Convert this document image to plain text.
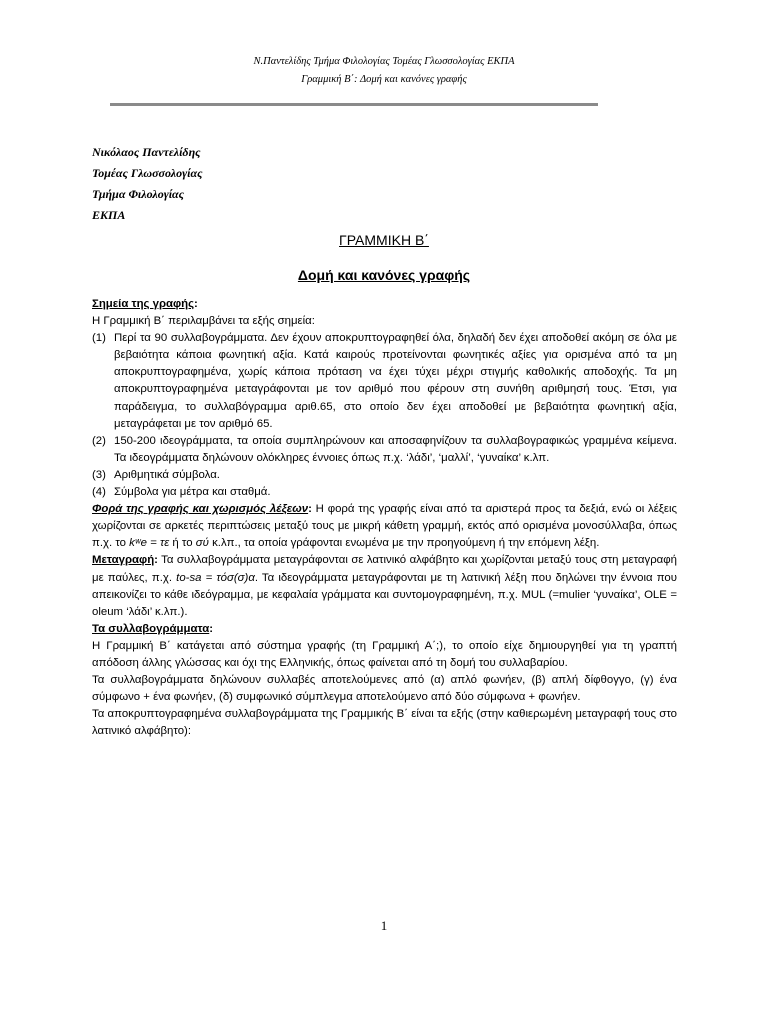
Ν.Παντελίδης Τμήμα Φιλολογίας Τομέας Γλωσσολογίας ΕΚΠΑ
Γραμμική Β΄: Δομή και κανόνες γραφής
Νικόλαος Παντελίδης
Τομέας Γλωσσολογίας
Τμήμα Φιλολογίας
ΕΚΠΑ
ΓΡΑΜΜΙΚΗ Β΄
Δομή και κανόνες γραφής

Σημεία της γραφής:

Η Γραμμική Β΄ περιλαμβάνει τα εξής σημεία:

(1) Περί τα 90 συλλαβογράμματα. Δεν έχουν αποκρυπτογραφηθεί όλα, δηλαδή δεν έχει αποδοθεί ακόμη σε όλα με βεβαιότητα κάποια φωνητική αξία. Κατά καιρούς προτείνονται φωνητικές αξίες για ορισμένα από τα μη αποκρυπτογραφημένα, χωρίς κάποια πρόταση να έχει τύχει μέχρι στιγμής καθολικής αποδοχής. Τα μη αποκρυπτογραφημένα μεταγράφονται με τον αριθμό που φέρουν στη συνήθη αριθμησή τους. Έτσι, για παράδειγμα, το συλλαβόγραμμα αριθ.65, στο οποίο δεν έχει αποδοθεί με βεβαιότητα φωνητική αξία, μεταγράφεται με τον αριθμό 65.
(2) 150-200 ιδεογράμματα, τα οποία συμπληρώνουν και αποσαφηνίζουν τα συλλαβογραφικώς γραμμένα κείμενα. Τα ιδεογράμματα δηλώνουν ολόκληρες έννοιες όπως π.χ. ‘λάδι’, ‘μαλλί’, ‘γυναίκα’ κ.λπ.
(3) Αριθμητικά σύμβολα.
(4) Σύμβολα για μέτρα και σταθμά.

Φορά της γραφής και χωρισμός λέξεων: Η φορά της γραφής είναι από τα αριστερά προς τα δεξιά, ενώ οι λέξεις χωρίζονται σε αρκετές περιπτώσεις μεταξύ τους με μικρή κάθετη γραμμή, εκτός από ορισμένα μονοσύλλαβα, όπως π.χ. το kʷe = τε ή το σύ κ.λπ., τα οποία γράφονται ενωμένα με την προηγούμενη ή την επόμενη λέξη.

Μεταγραφή: Τα συλλαβογράμματα μεταγράφονται σε λατινικό αλφάβητο και χωρίζονται μεταξύ τους στη μεταγραφή με παύλες, π.χ. to-sa = τόσ(σ)α. Τα ιδεογράμματα μεταγράφονται με τη λατινική λέξη που δηλώνει την έννοια που απεικονίζει το κάθε ιδεόγραμμα, με κεφαλαία γράμματα και συντομογραφημένη, π.χ. MUL (=mulier ‘γυναίκα’, OLE = oleum ‘λάδι’ κ.λπ.).

Τα συλλαβογράμματα:

Η Γραμμική Β΄ κατάγεται από σύστημα γραφής (τη Γραμμική Α΄;), το οποίο είχε δημιουργηθεί για τη γραπτή απόδοση άλλης γλώσσας και όχι της Ελληνικής, όπως φαίνεται από τη δομή του συλλαβαρίου.

Τα συλλαβογράμματα δηλώνουν συλλαβές αποτελούμενες από (α) απλό φωνήεν, (β) απλή δίφθογγο, (γ) ένα σύμφωνο + ένα φωνήεν, (δ) συμφωνικό σύμπλεγμα αποτελούμενο από δύο σύμφωνα + φωνήεν.

Τα αποκρυπτογραφημένα συλλαβογράμματα της Γραμμικής Β΄ είναι τα εξής (στην καθιερωμένη μεταγραφή τους στο λατινικό αλφάβητο):

1
